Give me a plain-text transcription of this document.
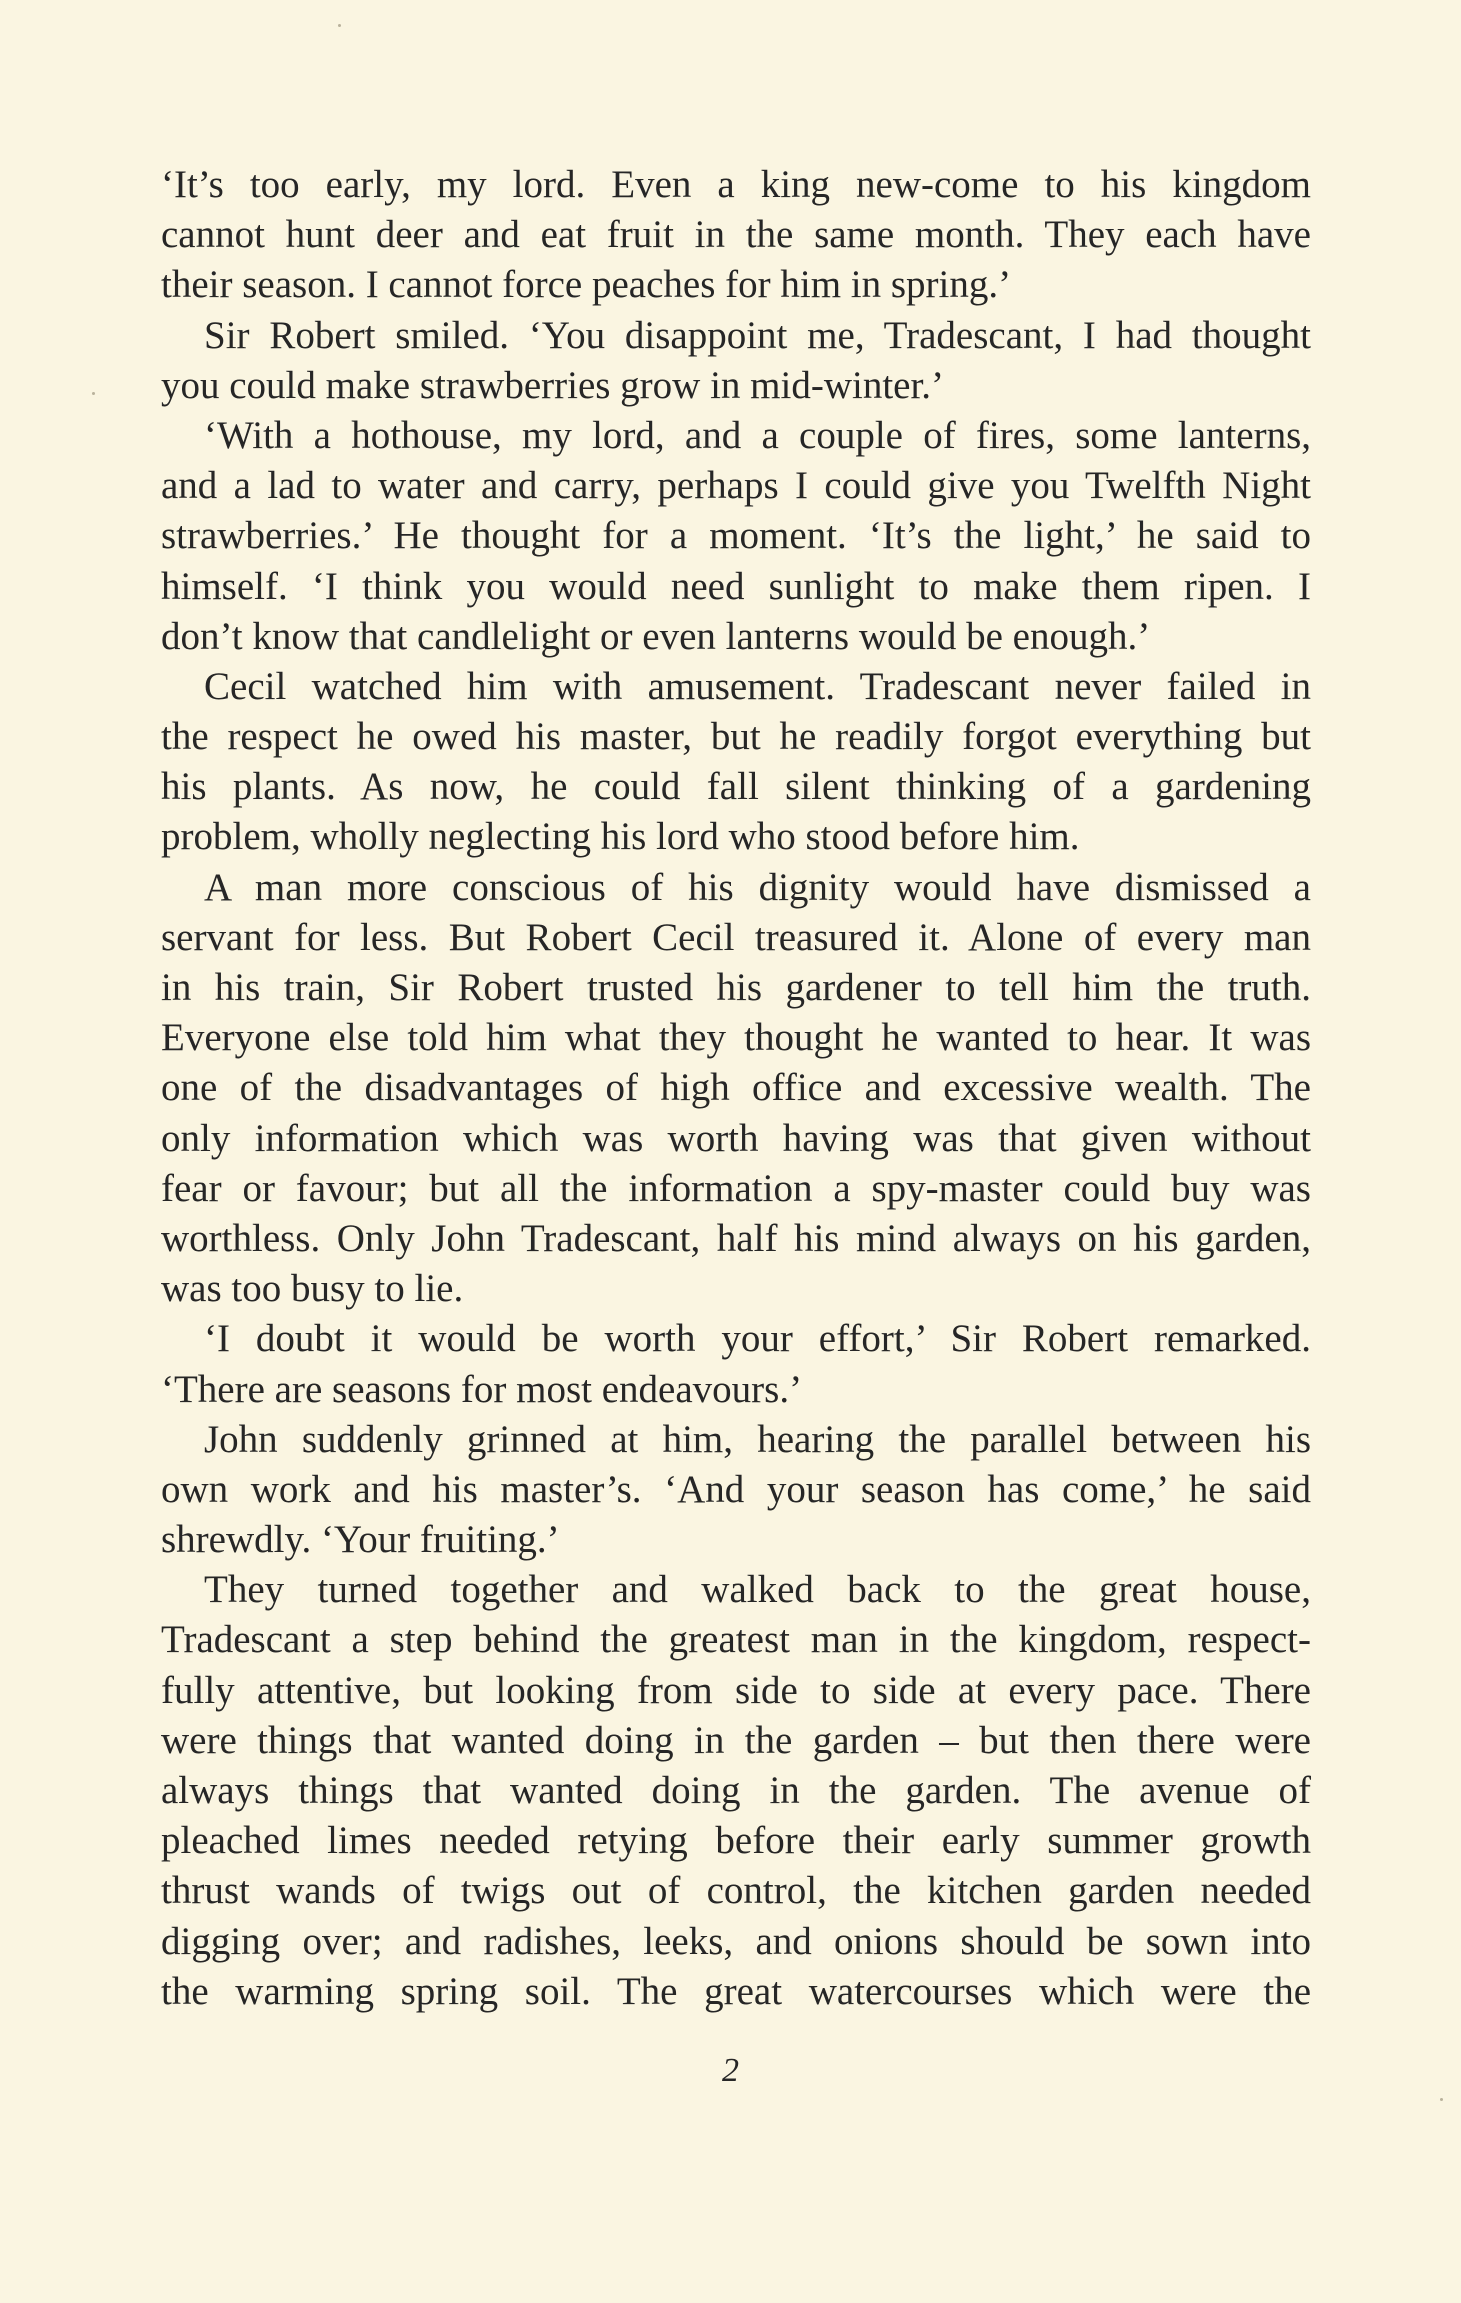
‘It’s too early, my lord. Even a king new-come to his kingdom
cannot hunt deer and eat fruit in the same month. They each have
their season. I cannot force peaches for him in spring.’
Sir Robert smiled. ‘You disappoint me, Tradescant, I had thought
you could make strawberries grow in mid-winter.’
‘With a hothouse, my lord, and a couple of fires, some lanterns,
and a lad to water and carry, perhaps I could give you Twelfth Night
strawberries.’ He thought for a moment. ‘It’s the light,’ he said to
himself. ‘I think you would need sunlight to make them ripen. I
don’t know that candlelight or even lanterns would be enough.’
Cecil watched him with amusement. Tradescant never failed in
the respect he owed his master, but he readily forgot everything but
his plants. As now, he could fall silent thinking of a gardening
problem, wholly neglecting his lord who stood before him.
A man more conscious of his dignity would have dismissed a
servant for less. But Robert Cecil treasured it. Alone of every man
in his train, Sir Robert trusted his gardener to tell him the truth.
Everyone else told him what they thought he wanted to hear. It was
one of the disadvantages of high office and excessive wealth. The
only information which was worth having was that given without
fear or favour; but all the information a spy-master could buy was
worthless. Only John Tradescant, half his mind always on his garden,
was too busy to lie.
‘I doubt it would be worth your effort,’ Sir Robert remarked.
‘There are seasons for most endeavours.’
John suddenly grinned at him, hearing the parallel between his
own work and his master’s. ‘And your season has come,’ he said
shrewdly. ‘Your fruiting.’
They turned together and walked back to the great house,
Tradescant a step behind the greatest man in the kingdom, respect-
fully attentive, but looking from side to side at every pace. There
were things that wanted doing in the garden – but then there were
always things that wanted doing in the garden. The avenue of
pleached limes needed retying before their early summer growth
thrust wands of twigs out of control, the kitchen garden needed
digging over; and radishes, leeks, and onions should be sown into
the warming spring soil. The great watercourses which were the
2
